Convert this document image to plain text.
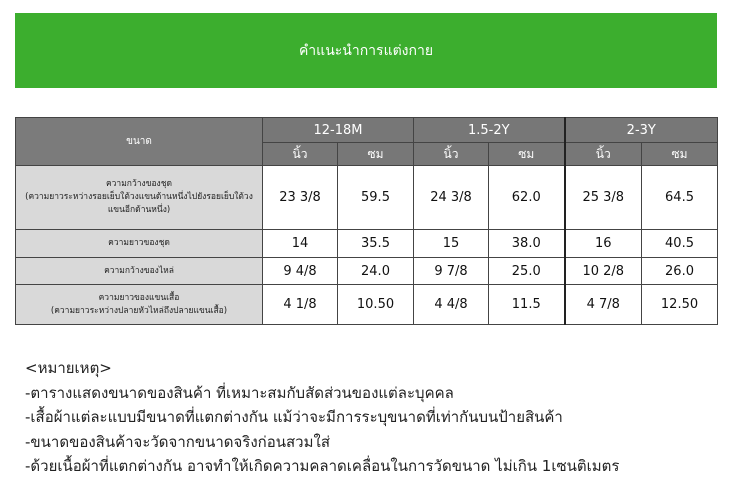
คำแนะนำการแต่งกาย
ขนาด	12-18M		1.5-2Y		2-3Y	
	นิ้ว	ซม	นิ้ว	ซม	นิ้ว	ซม

ความกว้างของชุด
(ความยาวระหว่างรอยเย็บใต้วงแขนด้านหนึ่งไปยังรอยเย็บใต้วง
แขนอีกด้านหนึ่ง)	23 3/8	59.5	24 3/8	62.0	25 3/8	64.5

ความยาวของชุด	14	35.5	15	38.0	16	40.5

ความกว้างของไหล่	9 4/8	24.0	9 7/8	25.0	10 2/8	26.0

ความยาวของแขนเสื้อ
(ความยาวระหว่างปลายหัวไหล่ถึงปลายแขนเสื้อ)	4 1/8	10.50	4 4/8	11.5	4 7/8	12.50
<หมายเหตุ>
-ตารางแสดงขนาดของสินค้า ที่เหมาะสมกับสัดส่วนของแต่ละบุคคล
-เสื้อผ้าแต่ละแบบมีขนาดที่แตกต่างกัน แม้ว่าจะมีการระบุขนาดที่เท่ากันบนป้ายสินค้า
-ขนาดของสินค้าจะวัดจากขนาดจริงก่อนสวมใส่
-ด้วยเนื้อผ้าที่แตกต่างกัน อาจทำให้เกิดความคลาดเคลื่อนในการวัดขนาด ไม่เกิน 1เซนติเมตร
